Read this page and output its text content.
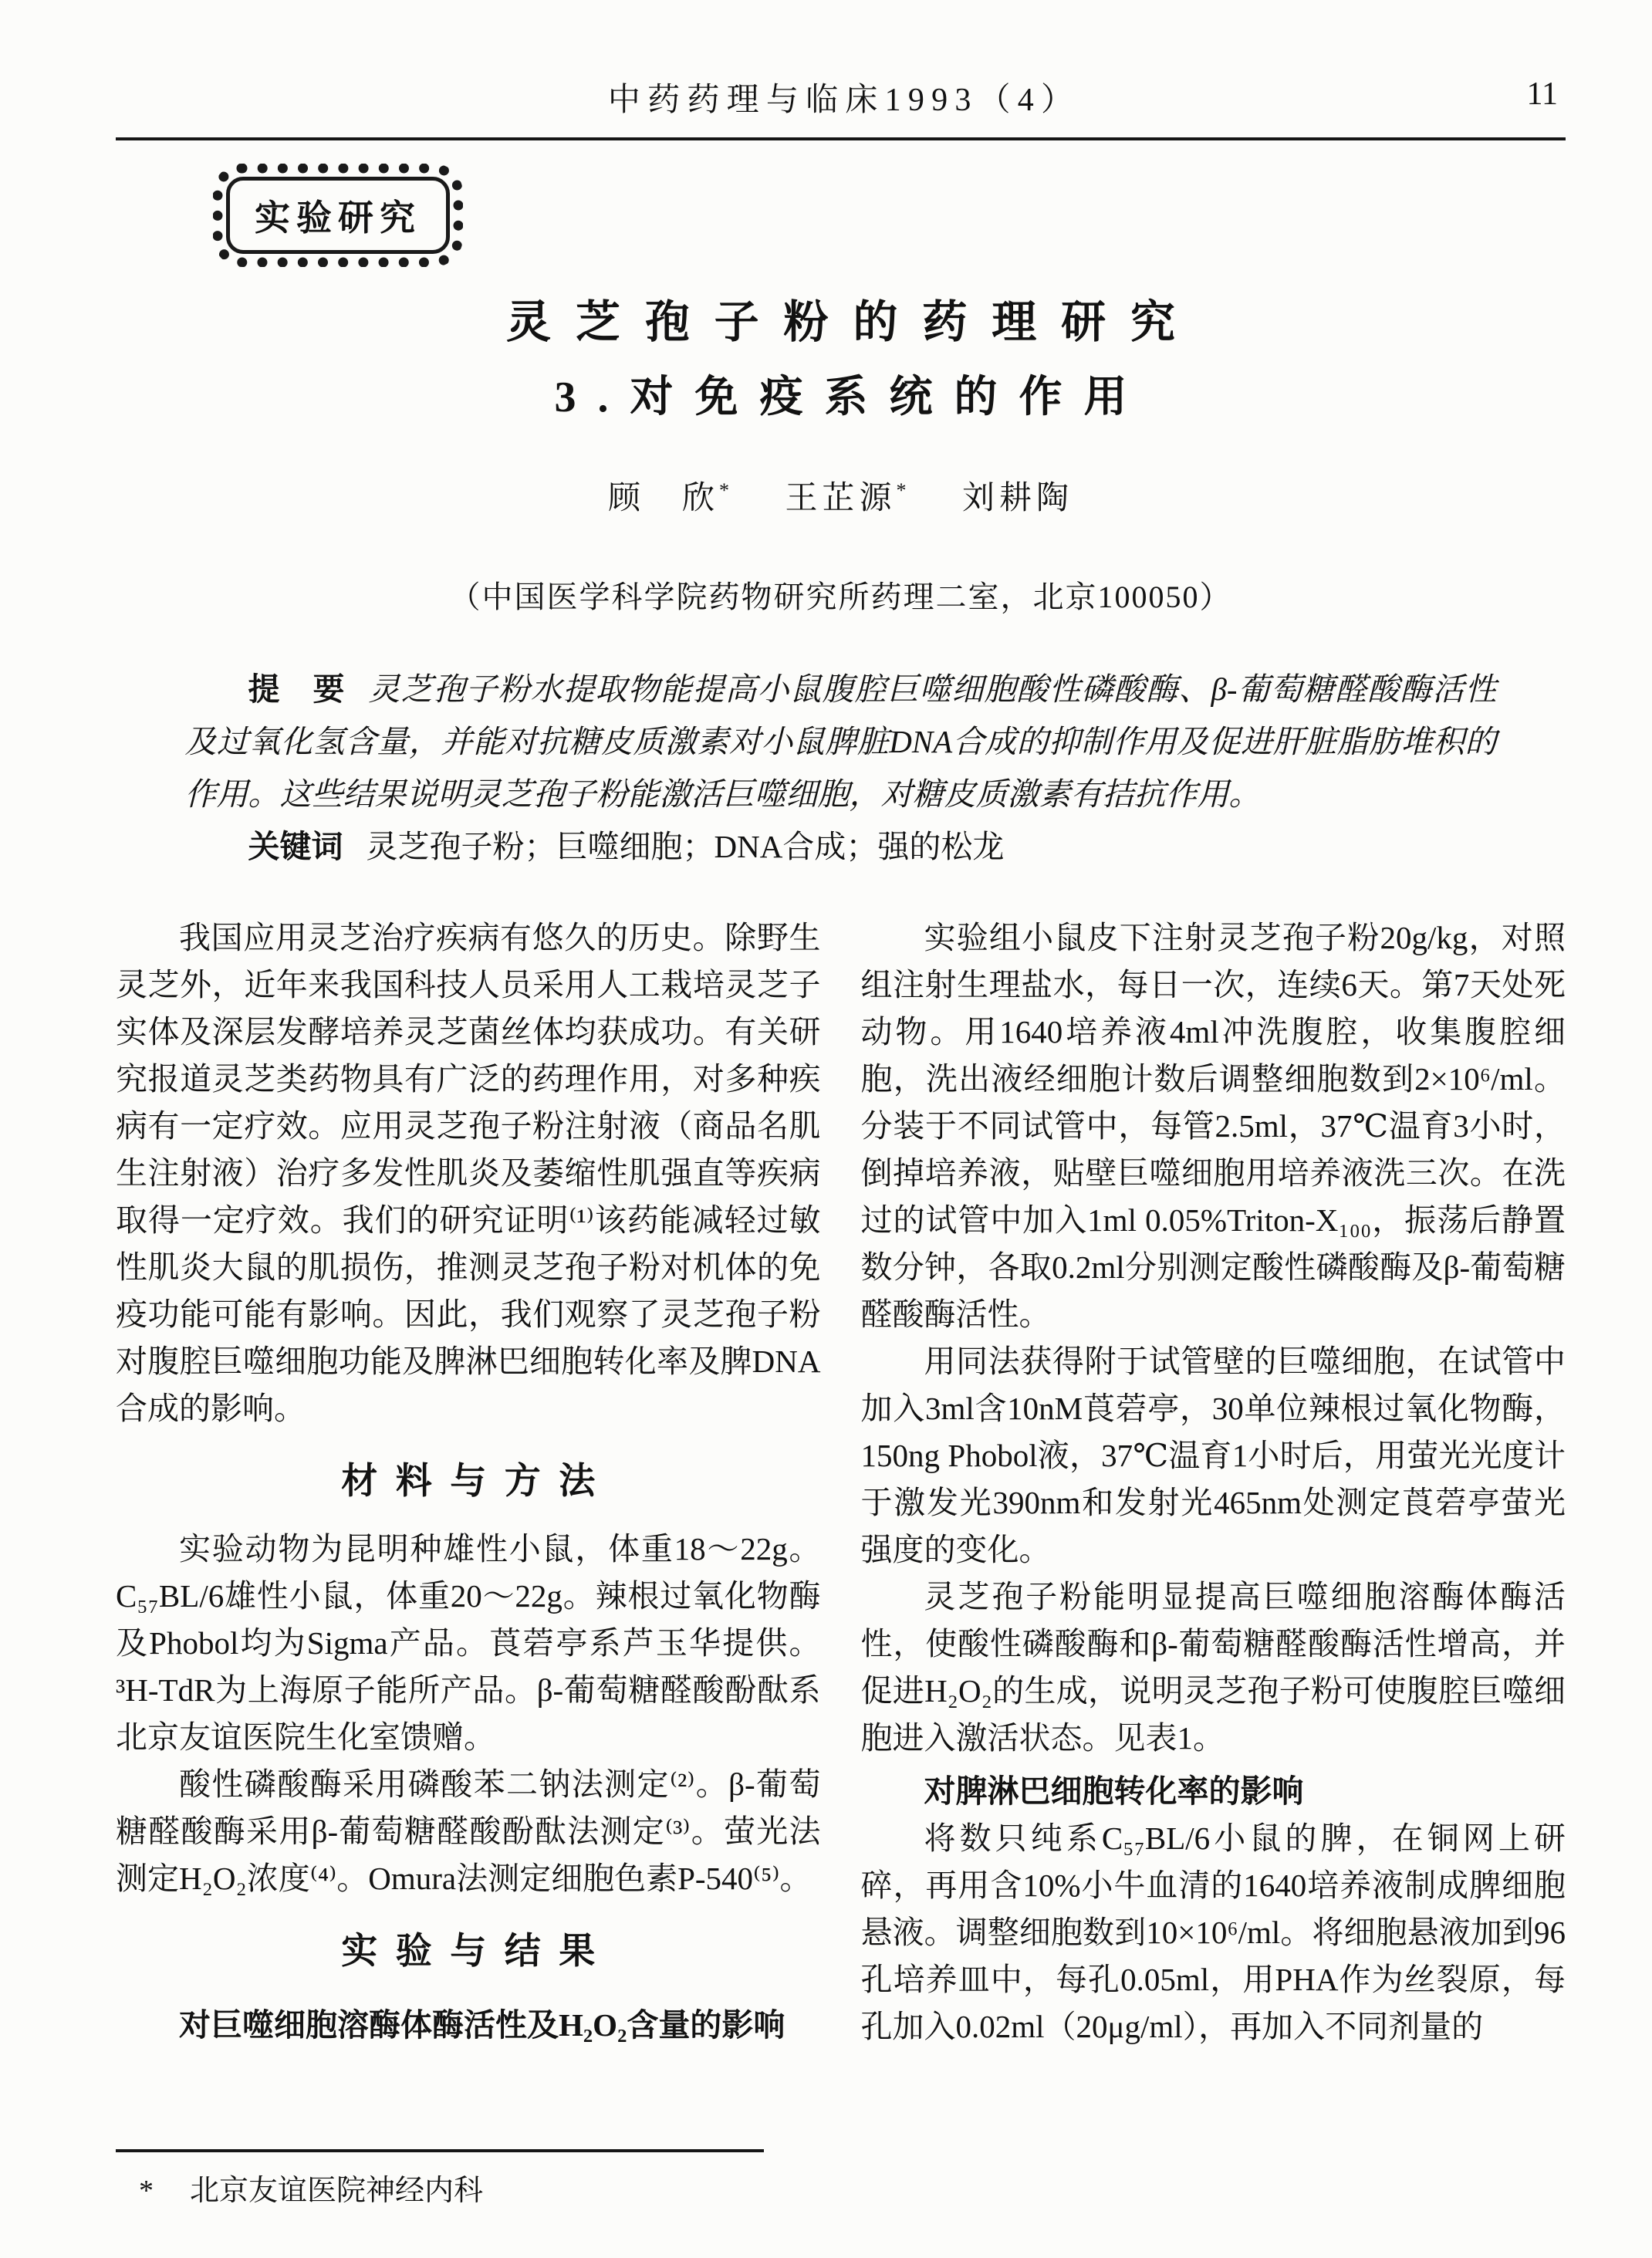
中药药理与临床1993（4）	11
实验研究
灵芝孢子粉的药理研究
3.对免疫系统的作用
顾　欣* 王芷源* 刘耕陶
（中国医学科学院药物研究所药理二室，北京100050）

提　要 灵芝孢子粉水提取物能提高小鼠腹腔巨噬细胞酸性磷酸酶、β-葡萄糖醛酸酶活性及过氧化氢含量，并能对抗糖皮质激素对小鼠脾脏DNA合成的抑制作用及促进肝脏脂肪堆积的作用。这些结果说明灵芝孢子粉能激活巨噬细胞，对糖皮质激素有拮抗作用。

关键词 灵芝孢子粉；巨噬细胞；DNA合成；强的松龙

我国应用灵芝治疗疾病有悠久的历史。除野生灵芝外，近年来我国科技人员采用人工栽培灵芝子实体及深层发酵培养灵芝菌丝体均获成功。有关研究报道灵芝类药物具有广泛的药理作用，对多种疾病有一定疗效。应用灵芝孢子粉注射液（商品名肌生注射液）治疗多发性肌炎及萎缩性肌强直等疾病取得一定疗效。我们的研究证明⁽¹⁾该药能减轻过敏性肌炎大鼠的肌损伤，推测灵芝孢子粉对机体的免疫功能可能有影响。因此，我们观察了灵芝孢子粉对腹腔巨噬细胞功能及脾淋巴细胞转化率及脾DNA合成的影响。

材料与方法

实验动物为昆明种雄性小鼠，体重18～22g。C₅₇BL/6雄性小鼠，体重20～22g。辣根过氧化物酶及Phobol均为Sigma产品。莨菪亭系芦玉华提供。³H-TdR为上海原子能所产品。β-葡萄糖醛酸酚酞系北京友谊医院生化室馈赠。

酸性磷酸酶采用磷酸苯二钠法测定⁽²⁾。β-葡萄糖醛酸酶采用β-葡萄糖醛酸酚酞法测定⁽³⁾。萤光法测定H₂O₂浓度⁽⁴⁾。Omura法测定细胞色素P-540⁽⁵⁾。

实验与结果

对巨噬细胞溶酶体酶活性及H₂O₂含量的影响

* 北京友谊医院神经内科

实验组小鼠皮下注射灵芝孢子粉20g/kg，对照组注射生理盐水，每日一次，连续6天。第7天处死动物。用1640培养液4ml冲洗腹腔，收集腹腔细胞，洗出液经细胞计数后调整细胞数到2×10⁶/ml。分装于不同试管中，每管2.5ml，37℃温育3小时，倒掉培养液，贴壁巨噬细胞用培养液洗三次。在洗过的试管中加入1ml 0.05%Triton-X₁₀₀，振荡后静置数分钟，各取0.2ml分别测定酸性磷酸酶及β-葡萄糖醛酸酶活性。

用同法获得附于试管壁的巨噬细胞，在试管中加入3ml含10nM莨菪亭，30单位辣根过氧化物酶，150ng Phobol液，37℃温育1小时后，用萤光光度计于激发光390nm和发射光465nm处测定莨菪亭萤光强度的变化。

灵芝孢子粉能明显提高巨噬细胞溶酶体酶活性，使酸性磷酸酶和β-葡萄糖醛酸酶活性增高，并促进H₂O₂的生成，说明灵芝孢子粉可使腹腔巨噬细胞进入激活状态。见表1。

对脾淋巴细胞转化率的影响

将数只纯系C₅₇BL/6小鼠的脾，在铜网上研碎，再用含10%小牛血清的1640培养液制成脾细胞悬液。调整细胞数到10×10⁶/ml。将细胞悬液加到96孔培养皿中，每孔0.05ml，用PHA作为丝裂原，每孔加入0.02ml（20μg/ml），再加入不同剂量的
